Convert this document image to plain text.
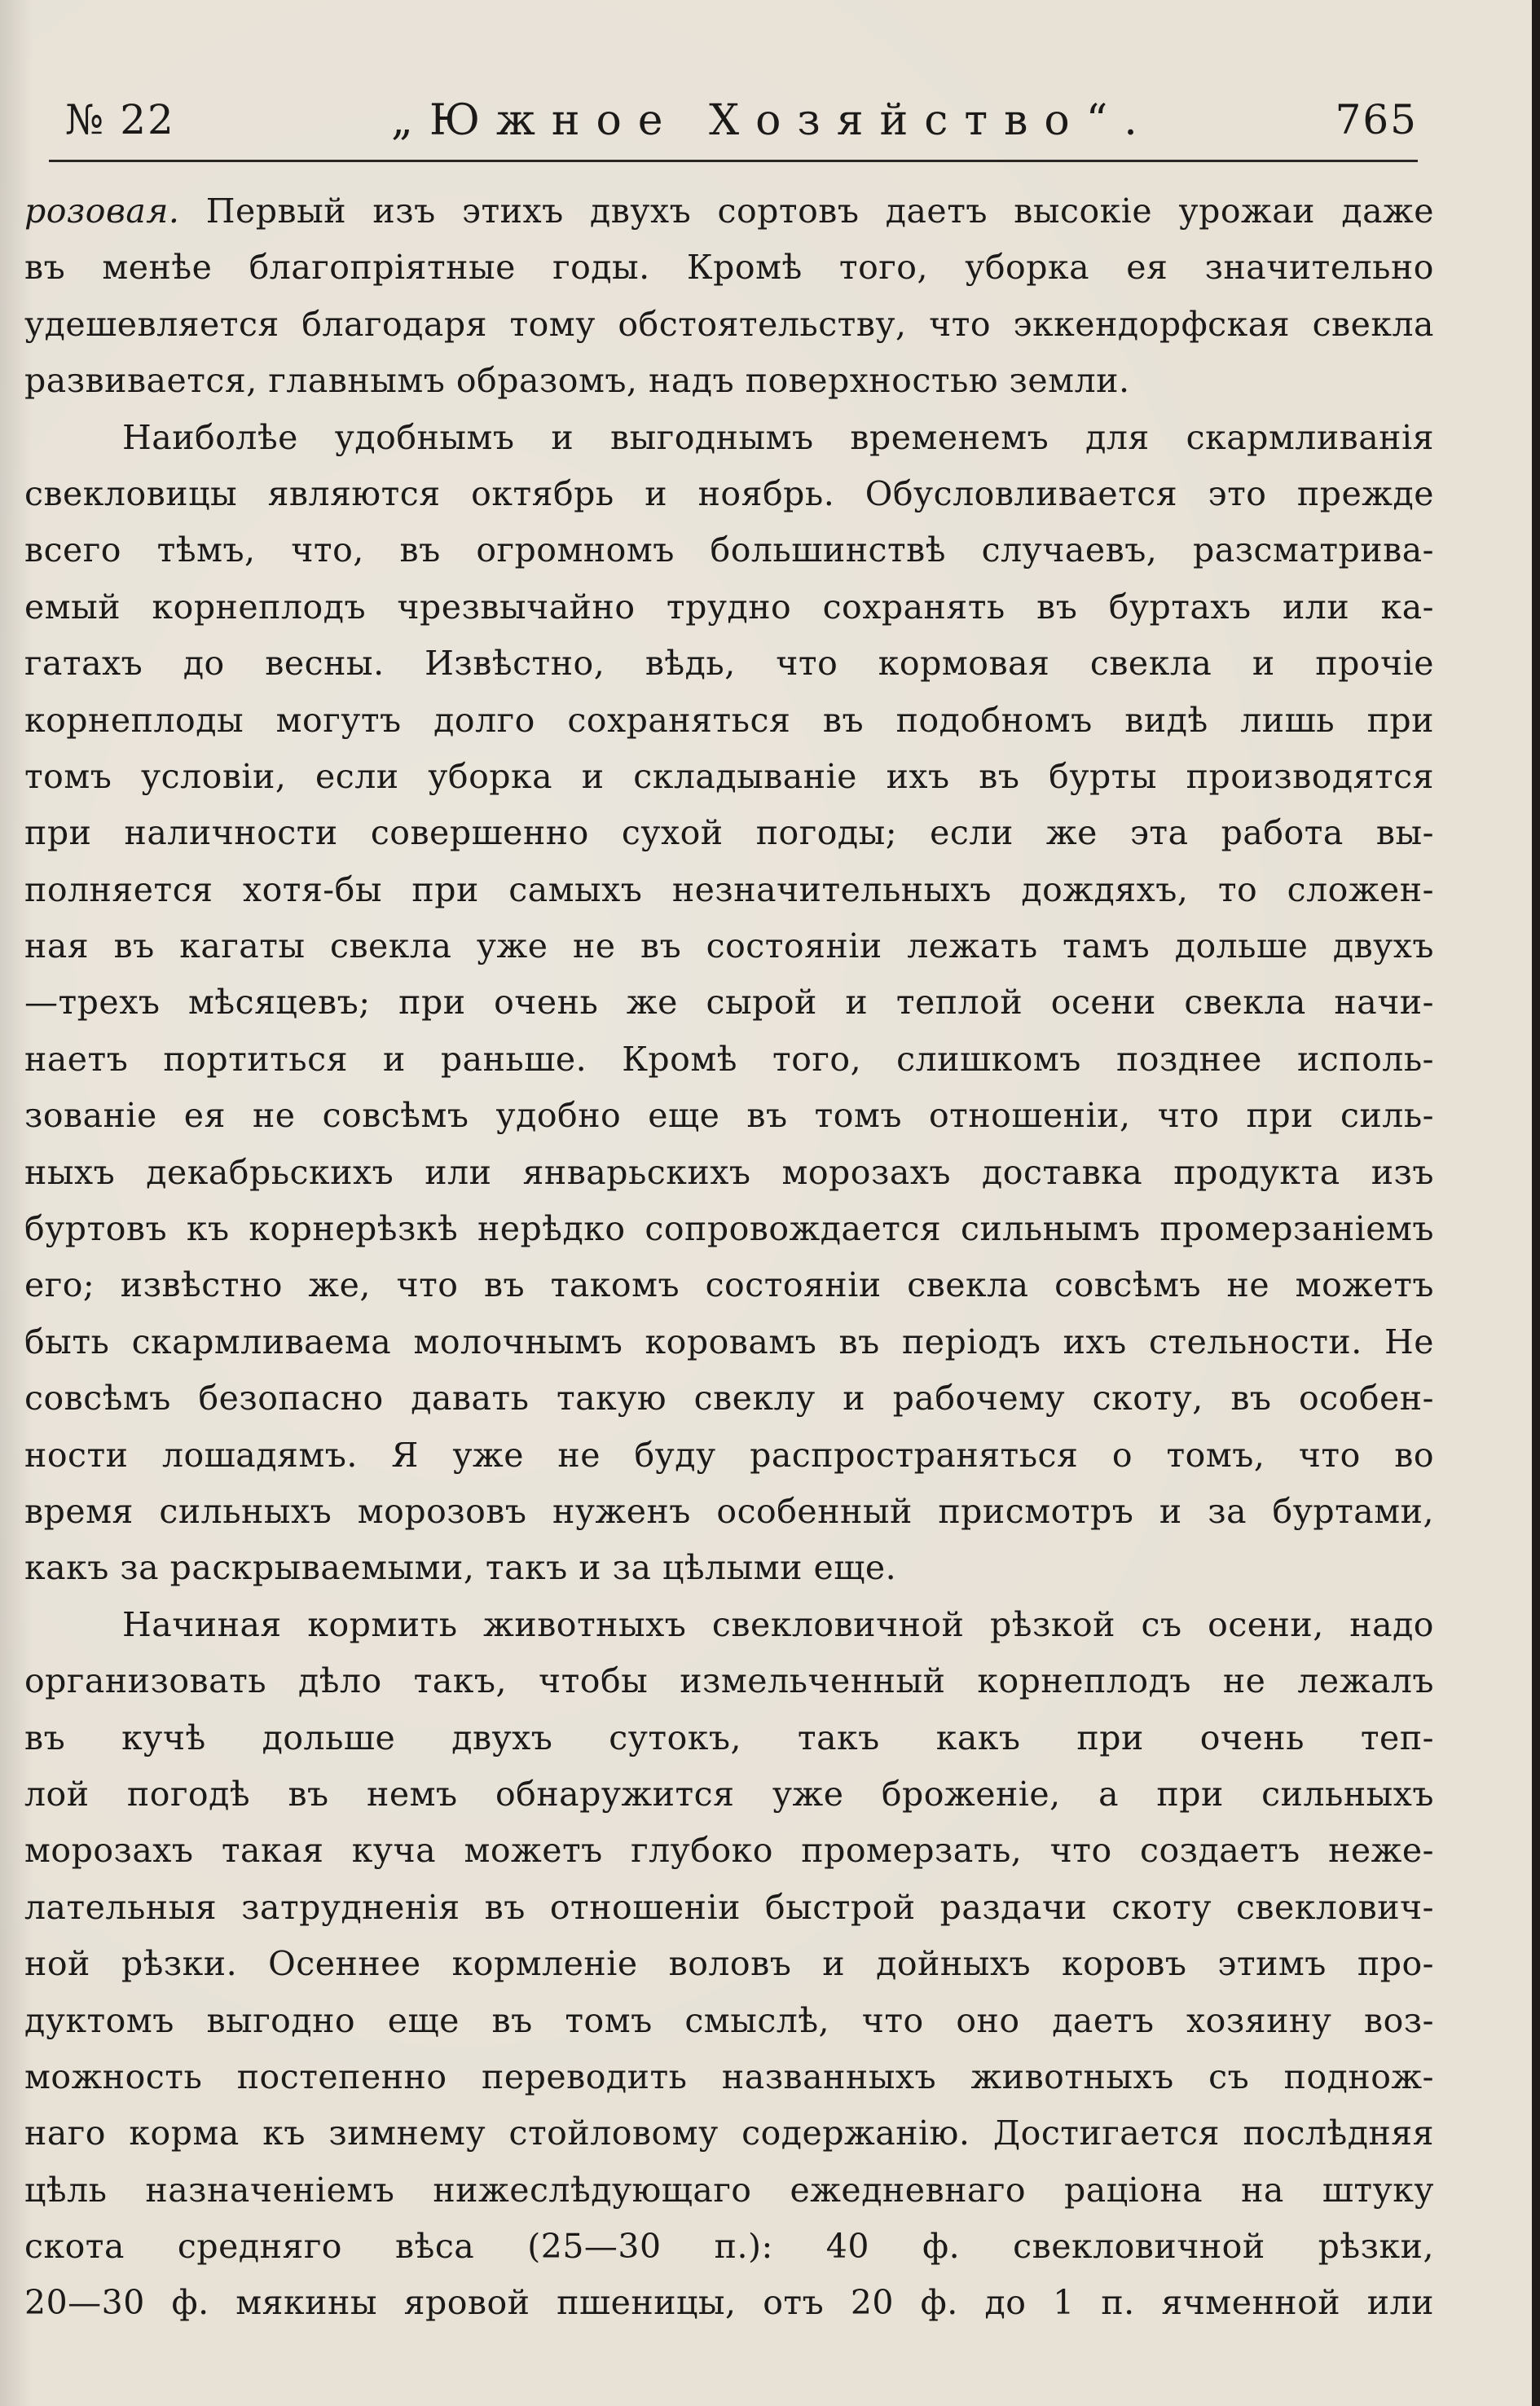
№ 22	„Южное Хозяйство“.	765
розовая. Первый изъ этихъ двухъ сортовъ даетъ высокіе урожаи даже
въ менѣе благопріятные годы. Кромѣ того, уборка ея значительно
удешевляется благодаря тому обстоятельству, что эккендорфская свекла
развивается, главнымъ образомъ, надъ поверхностью земли.
Наиболѣе удобнымъ и выгоднымъ временемъ для скармливанія
свекловицы являются октябрь и ноябрь. Обусловливается это прежде
всего тѣмъ, что, въ огромномъ большинствѣ случаевъ, разсматрива-
емый корнеплодъ чрезвычайно трудно сохранять въ буртахъ или ка-
гатахъ до весны. Извѣстно, вѣдь, что кормовая свекла и прочіе
корнеплоды могутъ долго сохраняться въ подобномъ видѣ лишь при
томъ условіи, если уборка и складываніе ихъ въ бурты производятся
при наличности совершенно сухой погоды; если же эта работа вы-
полняется хотя-бы при самыхъ незначительныхъ дождяхъ, то сложен-
ная въ кагаты свекла уже не въ состояніи лежать тамъ дольше двухъ
—трехъ мѣсяцевъ; при очень же сырой и теплой осени свекла начи-
наетъ портиться и раньше. Кромѣ того, слишкомъ позднее исполь-
зованіе ея не совсѣмъ удобно еще въ томъ отношеніи, что при силь-
ныхъ декабрьскихъ или январьскихъ морозахъ доставка продукта изъ
буртовъ къ корнерѣзкѣ нерѣдко сопровождается сильнымъ промерзаніемъ
его; извѣстно же, что въ такомъ состояніи свекла совсѣмъ не можетъ
быть скармливаема молочнымъ коровамъ въ періодъ ихъ стельности. Не
совсѣмъ безопасно давать такую свеклу и рабочему скоту, въ особен-
ности лошадямъ. Я уже не буду распространяться о томъ, что во
время сильныхъ морозовъ нуженъ особенный присмотръ и за буртами,
какъ за раскрываемыми, такъ и за цѣлыми еще.
Начиная кормить животныхъ свекловичной рѣзкой съ осени, надо
организовать дѣло такъ, чтобы измельченный корнеплодъ не лежалъ
въ кучѣ дольше двухъ сутокъ, такъ какъ при очень теп-
лой погодѣ въ немъ обнаружится уже броженіе, а при сильныхъ
морозахъ такая куча можетъ глубоко промерзать, что создаетъ неже-
лательныя затрудненія въ отношеніи быстрой раздачи скоту свеклович-
ной рѣзки. Осеннее кормленіе воловъ и дойныхъ коровъ этимъ про-
дуктомъ выгодно еще въ томъ смыслѣ, что оно даетъ хозяину воз-
можность постепенно переводить названныхъ животныхъ съ поднож-
наго корма къ зимнему стойловому содержанію. Достигается послѣдняя
цѣль назначеніемъ нижеслѣдующаго ежедневнаго раціона на штуку
скота средняго вѣса (25—30 п.): 40 ф. свекловичной рѣзки,
20—30 ф. мякины яровой пшеницы, отъ 20 ф. до 1 п. ячменной или
